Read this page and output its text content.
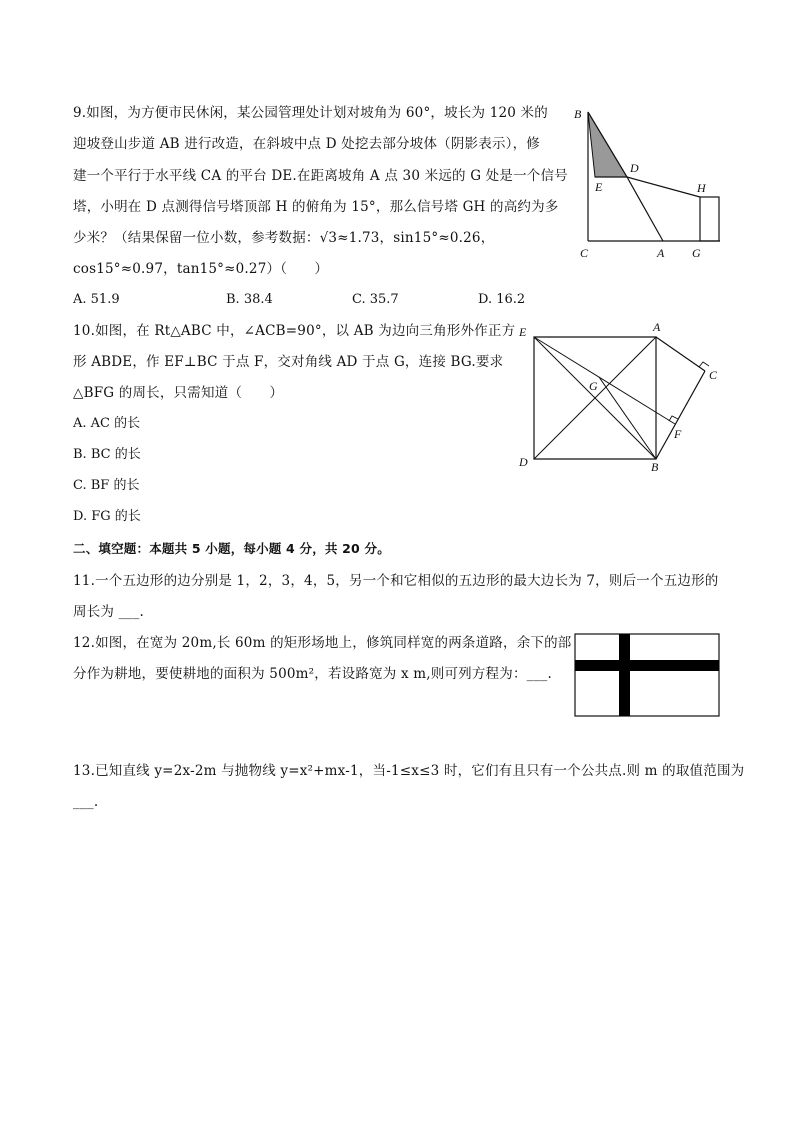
9.如图，为方便市民休闲，某公园管理处计划对坡角为 60°，坡长为 120 米的
迎坡登山步道 AB 进行改造，在斜坡中点 D 处挖去部分坡体（阴影表示），修
建一个平行于水平线 CA 的平台 DE.在距离坡角 A 点 30 米远的 G 处是一个信号
塔，小明在 D 点测得信号塔顶部 H 的俯角为 15°，那么信号塔 GH 的高约为多
少米？（结果保留一位小数，参考数据：√3≈1.73，sin15°≈0.26，
cos15°≈0.97，tan15°≈0.27）（　　）
A. 51.9	B. 38.4	C. 35.7	D. 16.2
B
D
E	H
C	A G
10.如图，在 Rt△ABC 中，∠ACB=90°，以 AB 为边向三角形外作正方
形 ABDE，作 EF⊥BC 于点 F，交对角线 AD 于点 G，连接 BG.要求
△BFG 的周长，只需知道（　　）
A. AC 的长
B. BC 的长
C. BF 的长
D. FG 的长
E	A
C
G
F
D	B
二、填空题：本题共 5 小题，每小题 4 分，共 20 分。
11.一个五边形的边分别是 1，2，3，4，5，另一个和它相似的五边形的最大边长为 7，则后一个五边形的
周长为 ___.
12.如图，在宽为 20m,长 60m 的矩形场地上，修筑同样宽的两条道路，余下的部
分作为耕地，要使耕地的面积为 500m²，若设路宽为 x m,则可列方程为：___.
13.已知直线 y=2x-2m 与抛物线 y=x²+mx-1，当-1≤x≤3 时，它们有且只有一个公共点.则 m 的取值范围为
___.
